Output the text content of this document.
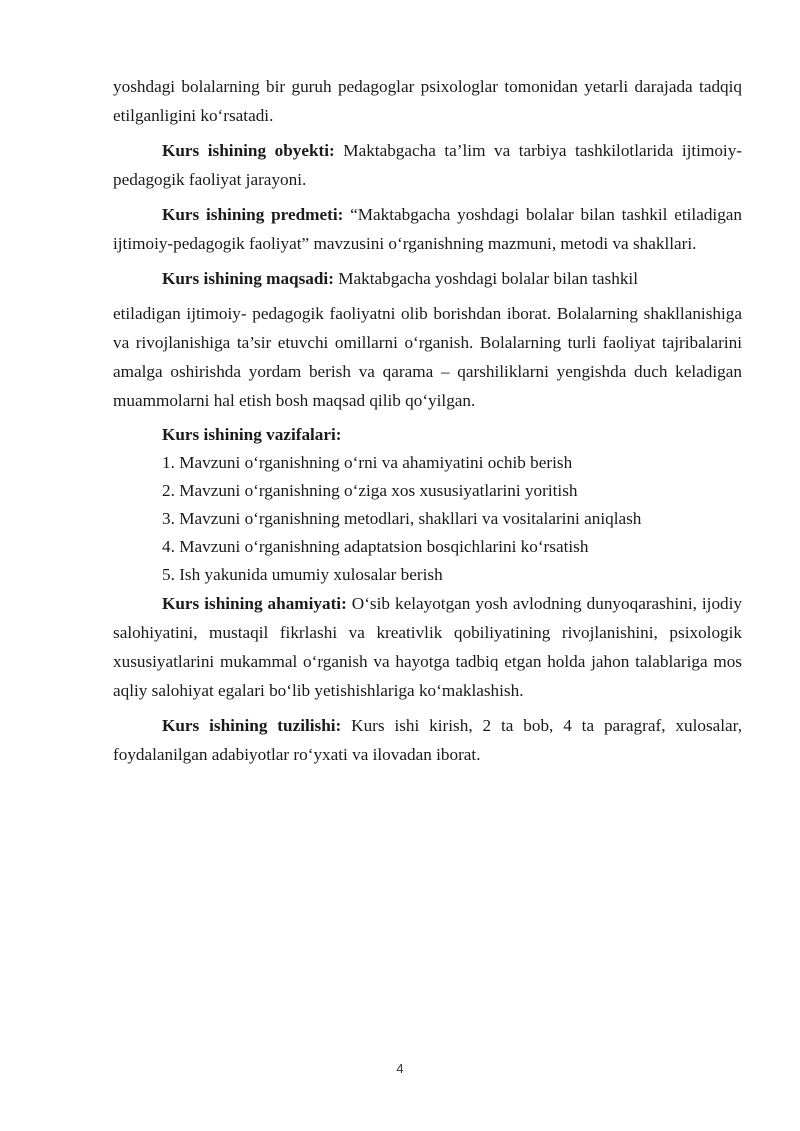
yoshdagi bolalarning bir guruh pedagoglar psixologlar tomonidan yetarli darajada tadqiq etilganligini ko‘rsatadi.

Kurs ishining obyekti: Maktabgacha ta’lim va tarbiya tashkilotlarida ijtimoiy-pedagogik faoliyat jarayoni.

Kurs ishining predmeti: “Maktabgacha yoshdagi bolalar bilan tashkil etiladigan ijtimoiy-pedagogik faoliyat” mavzusini o‘rganishning mazmuni, metodi va shakllari.

Kurs ishining maqsadi: Maktabgacha yoshdagi bolalar bilan tashkil

etiladigan ijtimoiy- pedagogik faoliyatni olib borishdan iborat. Bolalarning shakllanishiga va rivojlanishiga ta’sir etuvchi omillarni o‘rganish. Bolalarning turli faoliyat tajribalarini amalga oshirishda yordam berish va qarama – qarshiliklarni yengishda duch keladigan muammolarni hal etish bosh maqsad qilib qo‘yilgan.

Kurs ishining vazifalari:
1. Mavzuni o‘rganishning o‘rni va ahamiyatini ochib berish
2. Mavzuni o‘rganishning o‘ziga xos xususiyatlarini yoritish
3. Mavzuni o‘rganishning metodlari, shakllari va vositalarini aniqlash
4. Mavzuni o‘rganishning adaptatsion bosqichlarini ko‘rsatish
5. Ish yakunida umumiy xulosalar berish

Kurs ishining ahamiyati: O‘sib kelayotgan yosh avlodning dunyoqarashini, ijodiy salohiyatini, mustaqil fikrlashi va kreativlik qobiliyatining rivojlanishini, psixologik xususiyatlarini mukammal o‘rganish va hayotga tadbiq etgan holda jahon talablariga mos aqliy salohiyat egalari bo‘lib yetishishlariga ko‘maklashish.

Kurs ishining tuzilishi: Kurs ishi kirish, 2 ta bob, 4 ta paragraf, xulosalar, foydalanilgan adabiyotlar ro‘yxati va ilovadan iborat.

4
